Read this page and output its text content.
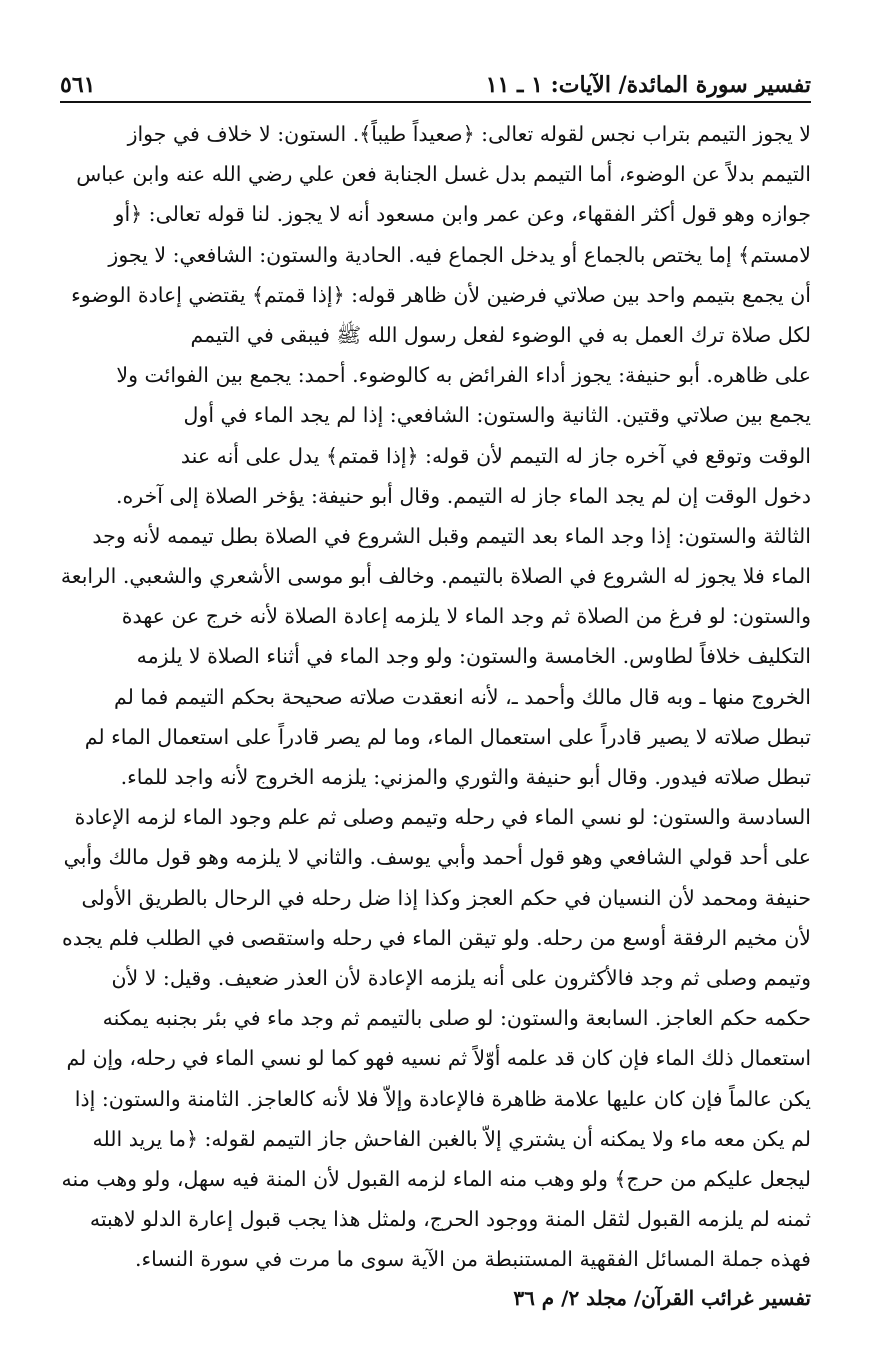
تفسير سورة المائدة/ الآيات: ١ ـ ١١
٥٦١
لا يجوز التيمم بتراب نجس لقوله تعالى: ﴿صعيداً طيباً﴾. الستون: لا خلاف في جواز
التيمم بدلاً عن الوضوء، أما التيمم بدل غسل الجنابة فعن علي رضي الله عنه وابن عباس
جوازه وهو قول أكثر الفقهاء، وعن عمر وابن مسعود أنه لا يجوز. لنا قوله تعالى: ﴿أو
لامستم﴾ إما يختص بالجماع أو يدخل الجماع فيه. الحادية والستون: الشافعي: لا يجوز
أن يجمع بتيمم واحد بين صلاتي فرضين لأن ظاهر قوله: ﴿إذا قمتم﴾ يقتضي إعادة الوضوء
لكل صلاة ترك العمل به في الوضوء لفعل رسول الله ﷺ فيبقى في التيمم
على ظاهره. أبو حنيفة: يجوز أداء الفرائض به كالوضوء. أحمد: يجمع بين الفوائت ولا
يجمع بين صلاتي وقتين. الثانية والستون: الشافعي: إذا لم يجد الماء في أول
الوقت وتوقع في آخره جاز له التيمم لأن قوله: ﴿إذا قمتم﴾ يدل على أنه عند
دخول الوقت إن لم يجد الماء جاز له التيمم. وقال أبو حنيفة: يؤخر الصلاة إلى آخره.
الثالثة والستون: إذا وجد الماء بعد التيمم وقبل الشروع في الصلاة بطل تيممه لأنه وجد
الماء فلا يجوز له الشروع في الصلاة بالتيمم. وخالف أبو موسى الأشعري والشعبي. الرابعة
والستون: لو فرغ من الصلاة ثم وجد الماء لا يلزمه إعادة الصلاة لأنه خرج عن عهدة
التكليف خلافاً لطاوس. الخامسة والستون: ولو وجد الماء في أثناء الصلاة لا يلزمه
الخروج منها ـ وبه قال مالك وأحمد ـ، لأنه انعقدت صلاته صحيحة بحكم التيمم فما لم
تبطل صلاته لا يصير قادراً على استعمال الماء، وما لم يصر قادراً على استعمال الماء لم
تبطل صلاته فيدور. وقال أبو حنيفة والثوري والمزني: يلزمه الخروج لأنه واجد للماء.
السادسة والستون: لو نسي الماء في رحله وتيمم وصلى ثم علم وجود الماء لزمه الإعادة
على أحد قولي الشافعي وهو قول أحمد وأبي يوسف. والثاني لا يلزمه وهو قول مالك وأبي
حنيفة ومحمد لأن النسيان في حكم العجز وكذا إذا ضل رحله في الرحال بالطريق الأولى
لأن مخيم الرفقة أوسع من رحله. ولو تيقن الماء في رحله واستقصى في الطلب فلم يجده
وتيمم وصلى ثم وجد فالأكثرون على أنه يلزمه الإعادة لأن العذر ضعيف. وقيل: لا لأن
حكمه حكم العاجز. السابعة والستون: لو صلى بالتيمم ثم وجد ماء في بئر بجنبه يمكنه
استعمال ذلك الماء فإن كان قد علمه أوّلاً ثم نسيه فهو كما لو نسي الماء في رحله، وإن لم
يكن عالماً فإن كان عليها علامة ظاهرة فالإعادة وإلاّ فلا لأنه كالعاجز. الثامنة والستون: إذا
لم يكن معه ماء ولا يمكنه أن يشتري إلاّ بالغبن الفاحش جاز التيمم لقوله: ﴿ما يريد الله
ليجعل عليكم من حرج﴾ ولو وهب منه الماء لزمه القبول لأن المنة فيه سهل، ولو وهب منه
ثمنه لم يلزمه القبول لثقل المنة ووجود الحرج، ولمثل هذا يجب قبول إعارة الدلو لاهبته
فهذه جملة المسائل الفقهية المستنبطة من الآية سوى ما مرت في سورة النساء.
تفسير غرائب القرآن/ مجلد ٢/ م ٣٦
